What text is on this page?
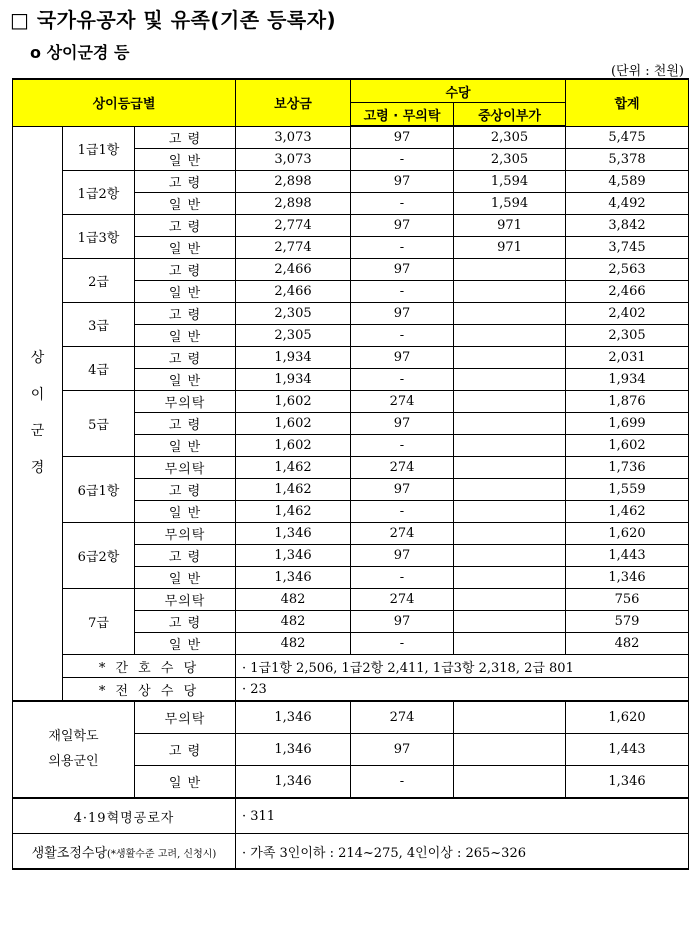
□ 국가유공자 및 유족(기존 등록자)
o 상이군경 등
(단위 : 천원)
상이등급별			보상금	수당		합계
				고령 · 무의탁	중상이부가	

상
이
군
경	1급1항	고 령	3,073	97	2,305	5,475
		일 반	3,073	-	2,305	5,378
	1급2항	고 령	2,898	97	1,594	4,589
		일 반	2,898	-	1,594	4,492
	1급3항	고 령	2,774	97	971	3,842
		일 반	2,774	-	971	3,745
	2급	고 령	2,466	97		2,563
		일 반	2,466	-		2,466
	3급	고 령	2,305	97		2,402
		일 반	2,305	-		2,305
	4급	고 령	1,934	97		2,031
		일 반	1,934	-		1,934
	5급	무의탁	1,602	274		1,876
		고 령	1,602	97		1,699
		일 반	1,602	-		1,602
	6급1항	무의탁	1,462	274		1,736
		고 령	1,462	97		1,559
		일 반	1,462	-		1,462
	6급2항	무의탁	1,346	274		1,620
		고 령	1,346	97		1,443
		일 반	1,346	-		1,346
	7급	무의탁	482	274		756
		고 령	482	97		579
		일 반	482	-		482
	* 간 호 수 당		· 1급1항 2,506, 1급2항 2,411, 1급3항 2,318, 2급 801			
	* 전 상 수 당		· 23			

재일학도
의용군인		무의탁	1,346	274		1,620
		고 령	1,346	97		1,443
		일 반	1,346	-		1,346
4·19혁명공로자			· 311			
생활조정수당(*생활수준 고려, 신청시)			· 가족 3인이하 : 214~275, 4인이상 : 265~326			
